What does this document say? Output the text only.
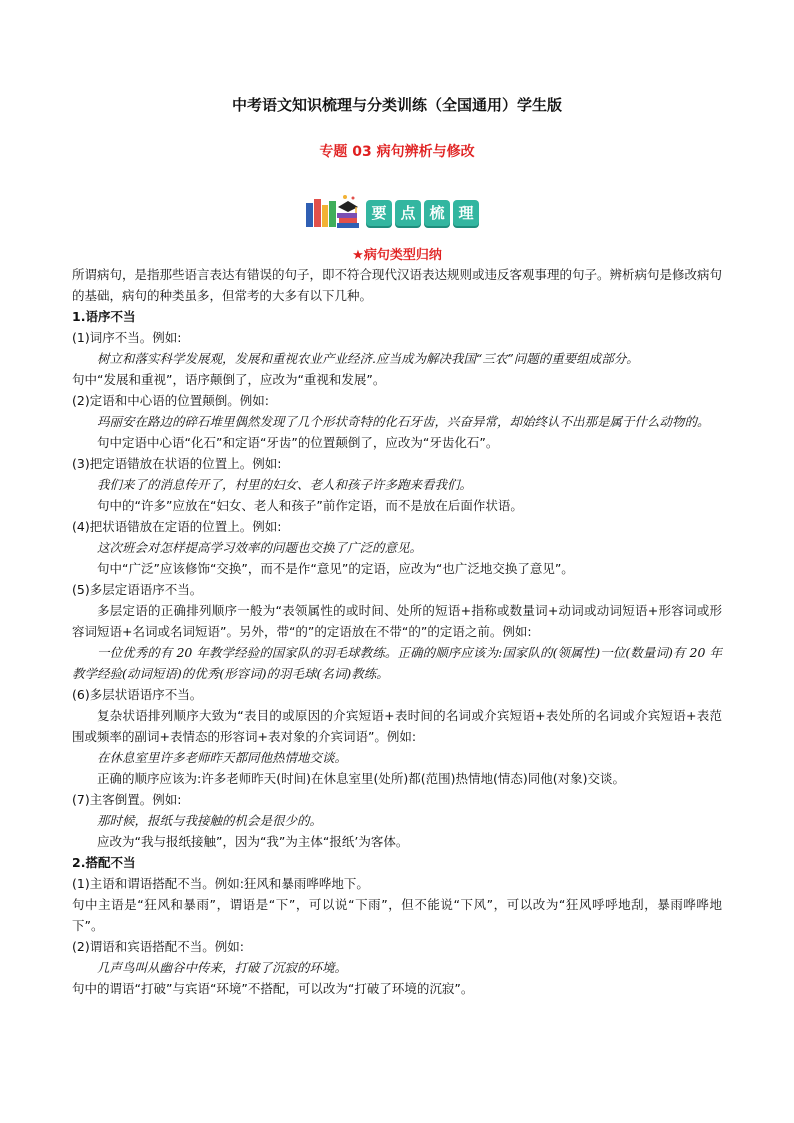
中考语文知识梳理与分类训练（全国通用）学生版
专题 03 病句辨析与修改
要 点 梳 理
★病句类型归纳
所谓病句，是指那些语言表达有错误的句子，即不符合现代汉语表达规则或违反客观事理的句子。辨析病句是修改病句的基础，病句的种类虽多，但常考的大多有以下几种。
1.语序不当
(1)词序不当。例如:
树立和落实科学发展观，发展和重视农业产业经济.应当成为解决我国“三农”问题的重要组成部分。
句中“发展和重视”，语序颠倒了，应改为“重视和发展”。
(2)定语和中心语的位置颠倒。例如:
玛丽安在路边的碎石堆里偶然发现了几个形状奇特的化石牙齿，兴奋异常，却始终认不出那是属于什么动物的。
句中定语中心语“化石”和定语“牙齿”的位置颠倒了，应改为“牙齿化石”。
(3)把定语错放在状语的位置上。例如:
我们来了的消息传开了，村里的妇女、老人和孩子许多跑来看我们。
句中的“许多”应放在“妇女、老人和孩子”前作定语，而不是放在后面作状语。
(4)把状语错放在定语的位置上。例如:
这次班会对怎样提高学习效率的问题也交换了广泛的意见。
句中“广泛”应该修饰“交换”，而不是作“意见”的定语，应改为“也广泛地交换了意见”。
(5)多层定语语序不当。
多层定语的正确排列顺序一般为“表领属性的或时间、处所的短语+指称或数量词+动词或动词短语+形容词或形容词短语+名词或名词短语”。另外，带“的”的定语放在不带“的”的定语之前。例如:
一位优秀的有 20 年教学经验的国家队的羽毛球教练。正确的顺序应该为:国家队的(领属性)一位(数量词)有 20 年教学经验(动词短语)的优秀(形容词)的羽毛球(名词)教练。
(6)多层状语语序不当。
复杂状语排列顺序大致为“表目的或原因的介宾短语+表时间的名词或介宾短语+表处所的名词或介宾短语+表范围或频率的副词+表情态的形容词+表对象的介宾词语”。例如:
在休息室里许多老师昨天都同他热情地交谈。
正确的顺序应该为:许多老师昨天(时间)在休息室里(处所)都(范围)热情地(情态)同他(对象)交谈。
(7)主客倒置。例如:
那时候，报纸与我接触的机会是很少的。
应改为“我与报纸接触”，因为“我”为主体“报纸’为客体。
2.搭配不当
(1)主语和谓语搭配不当。例如:狂风和暴雨哗哗地下。
句中主语是“狂风和暴雨”，谓语是“下”，可以说“下雨”，但不能说“下风”，可以改为“狂风呼呼地刮，暴雨哗哗地下”。
(2)谓语和宾语搭配不当。例如:
几声鸟叫从幽谷中传来，打破了沉寂的环境。
句中的谓语“打破”与宾语“环境”不搭配，可以改为“打破了环境的沉寂”。
